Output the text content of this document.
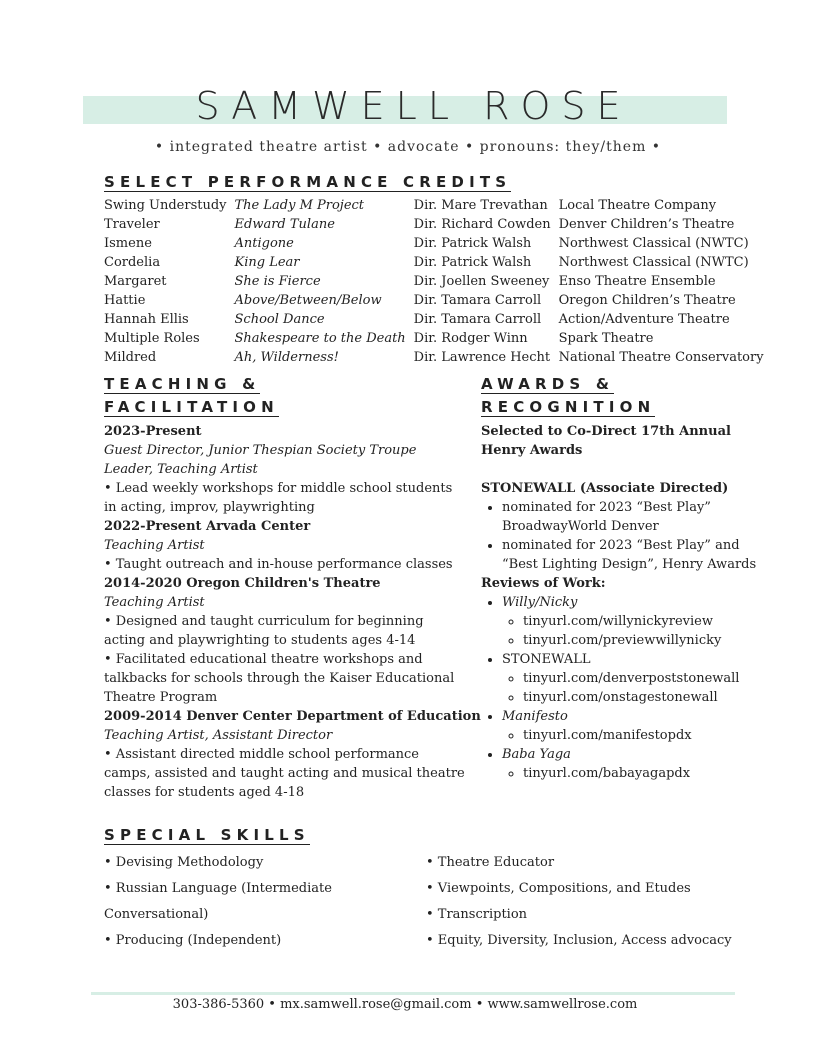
SAMWELL ROSE
• integrated theatre artist • advocate • pronouns: they/them •
SELECT PERFORMANCE CREDITS
Swing Understudy	The Lady M Project	Dir. Mare Trevathan	Local Theatre Company
Traveler	Edward Tulane	Dir. Richard Cowden	Denver Children’s Theatre
Ismene	Antigone	Dir. Patrick Walsh	Northwest Classical (NWTC)
Cordelia	King Lear	Dir. Patrick Walsh	Northwest Classical (NWTC)
Margaret	She is Fierce	Dir. Joellen Sweeney	Enso Theatre Ensemble
Hattie	Above/Between/Below	Dir. Tamara Carroll	Oregon Children’s Theatre
Hannah Ellis	School Dance	Dir. Tamara Carroll	Action/Adventure Theatre
Multiple Roles	Shakespeare to the Death	Dir. Rodger Winn	Spark Theatre
Mildred	Ah, Wilderness!	Dir. Lawrence Hecht	National Theatre Conservatory
TEACHING &
FACILITATION
2023-Present
Guest Director, Junior Thespian Society Troupe Leader, Teaching Artist
• Lead weekly workshops for middle school students in acting, improv, playwrighting
2022-Present Arvada Center
Teaching Artist
• Taught outreach and in-house performance classes
2014-2020 Oregon Children's Theatre
Teaching Artist
• Designed and taught curriculum for beginning acting and playwrighting to students ages 4-14
• Facilitated educational theatre workshops and talkbacks for schools through the Kaiser Educational Theatre Program
2009-2014 Denver Center Department of Education
Teaching Artist, Assistant Director
• Assistant directed middle school performance camps, assisted and taught acting and musical theatre classes for students aged 4-18
AWARDS &
RECOGNITION
Selected to Co-Direct 17th Annual Henry Awards
STONEWALL (Associate Directed)
• nominated for 2023 “Best Play” BroadwayWorld Denver
• nominated for 2023 “Best Play” and “Best Lighting Design”, Henry Awards
Reviews of Work:
• Willy/Nicky
◦ tinyurl.com/willynickyreview
◦ tinyurl.com/previewwillynicky
• STONEWALL
◦ tinyurl.com/denverpoststonewall
◦ tinyurl.com/onstagestonewall
• Manifesto
◦ tinyurl.com/manifestopdx
• Baba Yaga
◦ tinyurl.com/babayagapdx
SPECIAL SKILLS
• Devising Methodology
• Russian Language (Intermediate
Conversational)
• Producing (Independent)
• Theatre Educator
• Viewpoints, Compositions, and Etudes
• Transcription
• Equity, Diversity, Inclusion, Access advocacy
303-386-5360 • mx.samwell.rose@gmail.com • www.samwellrose.com
